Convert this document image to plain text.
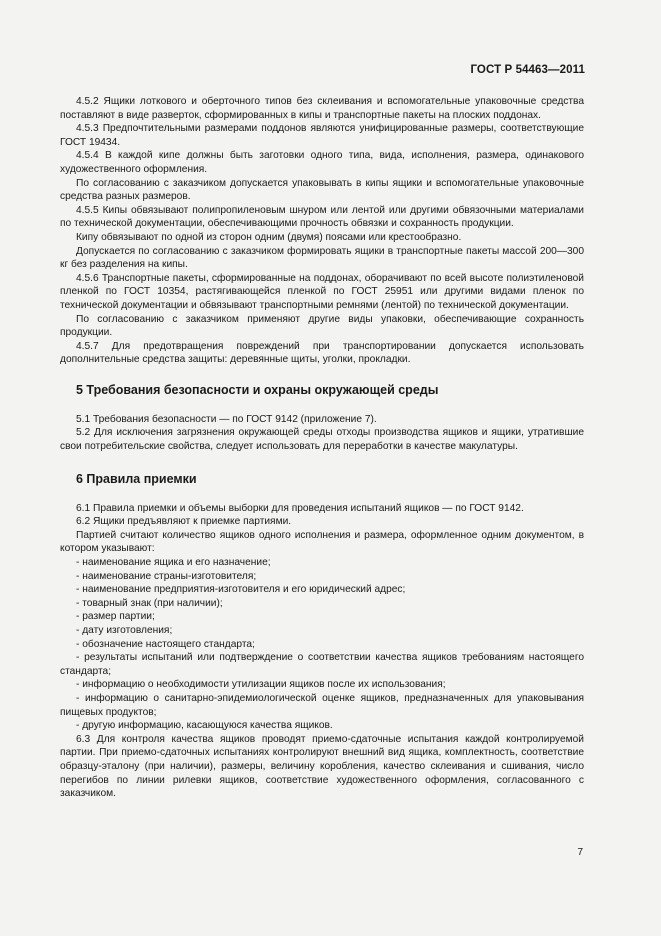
ГОСТ Р 54463—2011

4.5.2 Ящики лоткового и оберточного типов без склеивания и вспомогательные упаковочные средства поставляют в виде разверток, сформированных в кипы и транспортные пакеты на плоских поддонах.

4.5.3 Предпочтительными размерами поддонов являются унифицированные размеры, соответствующие ГОСТ 19434.

4.5.4 В каждой кипе должны быть заготовки одного типа, вида, исполнения, размера, одинакового художественного оформления.

По согласованию с заказчиком допускается упаковывать в кипы ящики и вспомогательные упаковочные средства разных размеров.

4.5.5 Кипы обвязывают полипропиленовым шнуром или лентой или другими обвязочными материалами по технической документации, обеспечивающими прочность обвязки и сохранность продукции.

Кипу обвязывают по одной из сторон одним (двумя) поясами или крестообразно.

Допускается по согласованию с заказчиком формировать ящики в транспортные пакеты массой 200—300 кг без разделения на кипы.

4.5.6 Транспортные пакеты, сформированные на поддонах, оборачивают по всей высоте полиэтиленовой пленкой по ГОСТ 10354, растягивающейся пленкой по ГОСТ 25951 или другими видами пленок по технической документации и обвязывают транспортными ремнями (лентой) по технической документации.

По согласованию с заказчиком применяют другие виды упаковки, обеспечивающие сохранность продукции.

4.5.7 Для предотвращения повреждений при транспортировании допускается использовать дополнительные средства защиты: деревянные щиты, уголки, прокладки.

5 Требования безопасности и охраны окружающей среды

5.1 Требования безопасности — по ГОСТ 9142 (приложение 7).

5.2 Для исключения загрязнения окружающей среды отходы производства ящиков и ящики, утратившие свои потребительские свойства, следует использовать для переработки в качестве макулатуры.

6 Правила приемки

6.1 Правила приемки и объемы выборки для проведения испытаний ящиков — по ГОСТ 9142.

6.2 Ящики предъявляют к приемке партиями.

Партией считают количество ящиков одного исполнения и размера, оформленное одним документом, в котором указывают:

- наименование ящика и его назначение;
- наименование страны-изготовителя;
- наименование предприятия-изготовителя и его юридический адрес;
- товарный знак (при наличии);
- размер партии;
- дату изготовления;
- обозначение настоящего стандарта;
- результаты испытаний или подтверждение о соответствии качества ящиков требованиям настоящего стандарта;
- информацию о необходимости утилизации ящиков после их использования;
- информацию о санитарно-эпидемиологической оценке ящиков, предназначенных для упаковывания пищевых продуктов;
- другую информацию, касающуюся качества ящиков.

6.3 Для контроля качества ящиков проводят приемо-сдаточные испытания каждой контролируемой партии. При приемо-сдаточных испытаниях контролируют внешний вид ящика, комплектность, соответствие образцу-эталону (при наличии), размеры, величину коробления, качество склеивания и сшивания, число перегибов по линии рилевки ящиков, соответствие художественного оформления, согласованного с заказчиком.

7
